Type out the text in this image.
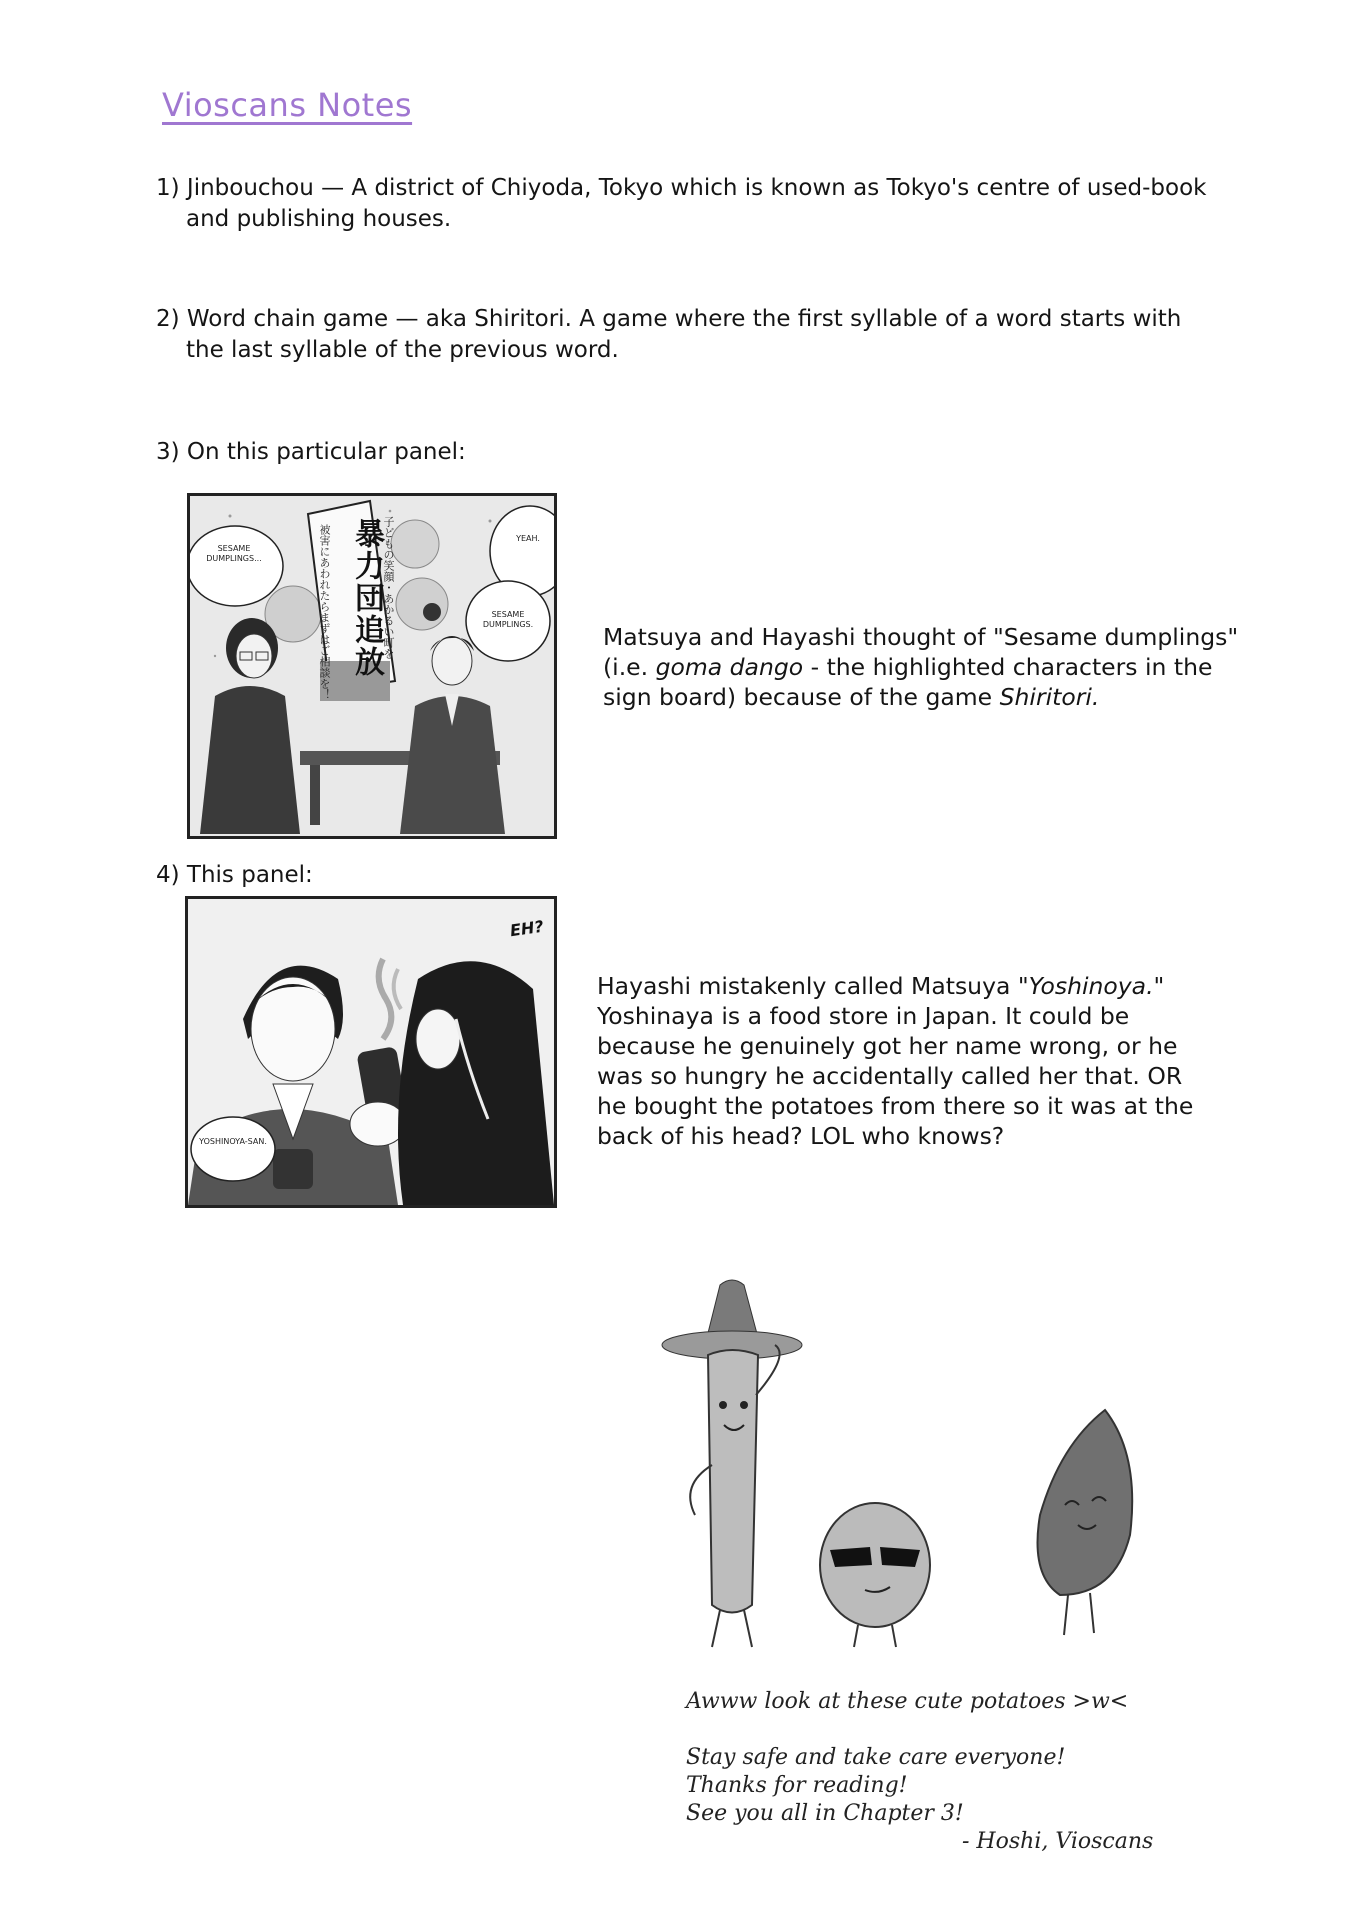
Vioscans Notes
1) Jinbouchou — A district of Chiyoda, Tokyo which is known as Tokyo's centre of used-book
and publishing houses.
2) Word chain game — aka Shiritori. A game where the first syllable of a word starts with
the last syllable of the previous word.
3) On this particular panel:
SESAME DUMPLINGS...
YEAH.
SESAME DUMPLINGS.
暴力団追放
子どもの笑顔・あかるい町を
被害にあわれたらまずはご相談を！	Matsuya and Hayashi thought of "Sesame dumplings"
(i.e. goma dango - the highlighted characters in the
sign board) because of the game Shiritori.
4) This panel:
EH?
YOSHINOYA-SAN.
Hayashi mistakenly called Matsuya "Yoshinoya."
Yoshinaya is a food store in Japan. It could be
because he genuinely got her name wrong, or he
was so hungry he accidentally called her that. OR
he bought the potatoes from there so it was at the
back of his head? LOL who knows?
Awww look at these cute potatoes >w<
Stay safe and take care everyone!
Thanks for reading!
See you all in Chapter 3!
- Hoshi, Vioscans
